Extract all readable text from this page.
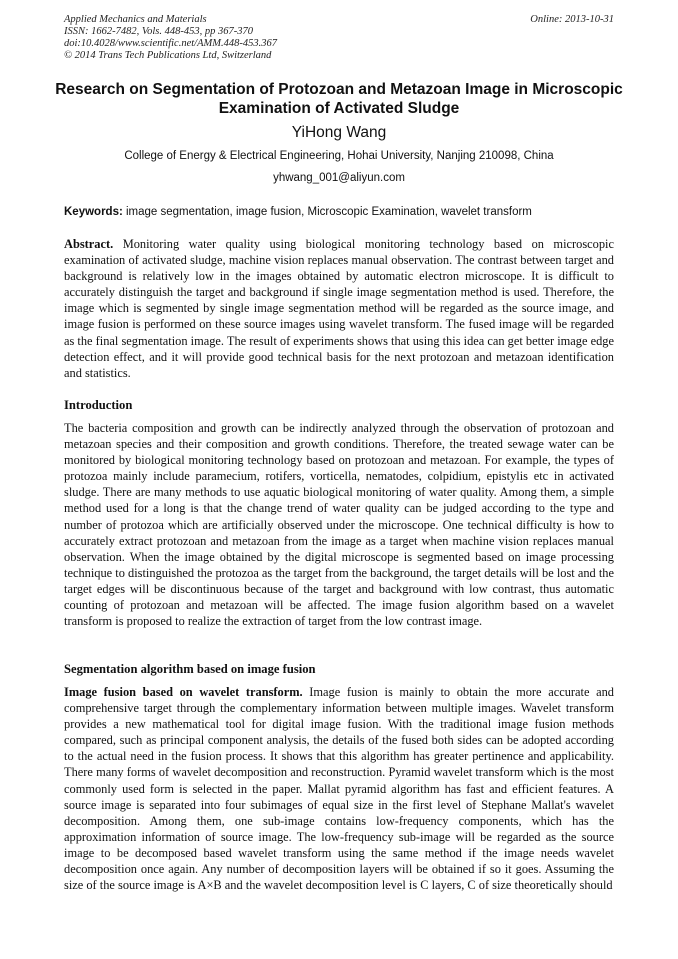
Applied Mechanics and Materials
ISSN: 1662-7482, Vols. 448-453, pp 367-370
doi:10.4028/www.scientific.net/AMM.448-453.367
© 2014 Trans Tech Publications Ltd, Switzerland
Online: 2013-10-31
Research on Segmentation of Protozoan and Metazoan Image in Microscopic Examination of Activated Sludge
YiHong Wang
College of Energy & Electrical Engineering, Hohai University, Nanjing 210098, China
yhwang_001@aliyun.com
Keywords: image segmentation, image fusion, Microscopic Examination, wavelet transform
Abstract. Monitoring water quality using biological monitoring technology based on microscopic examination of activated sludge, machine vision replaces manual observation. The contrast between target and background is relatively low in the images obtained by automatic electron microscope. It is difficult to accurately distinguish the target and background if single image segmentation method is used. Therefore, the image which is segmented by single image segmentation method will be regarded as the source image, and image fusion is performed on these source images using wavelet transform. The fused image will be regarded as the final segmentation image. The result of experiments shows that using this idea can get better image edge detection effect, and it will provide good technical basis for the next protozoan and metazoan identification and statistics.
Introduction
The bacteria composition and growth can be indirectly analyzed through the observation of protozoan and metazoan species and their composition and growth conditions. Therefore, the treated sewage water can be monitored by biological monitoring technology based on protozoan and metazoan. For example, the types of protozoa mainly include paramecium, rotifers, vorticella, nematodes, colpidium, epistylis etc in activated sludge. There are many methods to use aquatic biological monitoring of water quality. Among them, a simple method used for a long is that the change trend of water quality can be judged according to the type and number of protozoa which are artificially observed under the microscope. One technical difficulty is how to accurately extract protozoan and metazoan from the image as a target when machine vision replaces manual observation. When the image obtained by the digital microscope is segmented based on image processing technique to distinguished the protozoa as the target from the background, the target details will be lost and the target edges will be discontinuous because of the target and background with low contrast, thus automatic counting of protozoan and metazoan will be affected. The image fusion algorithm based on a wavelet transform is proposed to realize the extraction of target from the low contrast image.
Segmentation algorithm based on image fusion
Image fusion based on wavelet transform. Image fusion is mainly to obtain the more accurate and comprehensive target through the complementary information between multiple images. Wavelet transform provides a new mathematical tool for digital image fusion. With the traditional image fusion methods compared, such as principal component analysis, the details of the fused both sides can be adopted according to the actual need in the fusion process. It shows that this algorithm has greater pertinence and applicability. There many forms of wavelet decomposition and reconstruction. Pyramid wavelet transform which is the most commonly used form is selected in the paper. Mallat pyramid algorithm has fast and efficient features. A source image is separated into four subimages of equal size in the first level of Stephane Mallat's wavelet decomposition. Among them, one sub-image contains low-frequency components, which has the approximation information of source image. The low-frequency sub-image will be regarded as the source image to be decomposed based wavelet transform using the same method if the image needs wavelet decomposition once again. Any number of decomposition layers will be obtained if so it goes. Assuming the size of the source image is A×B and the wavelet decomposition level is C layers, C of size theoretically should
